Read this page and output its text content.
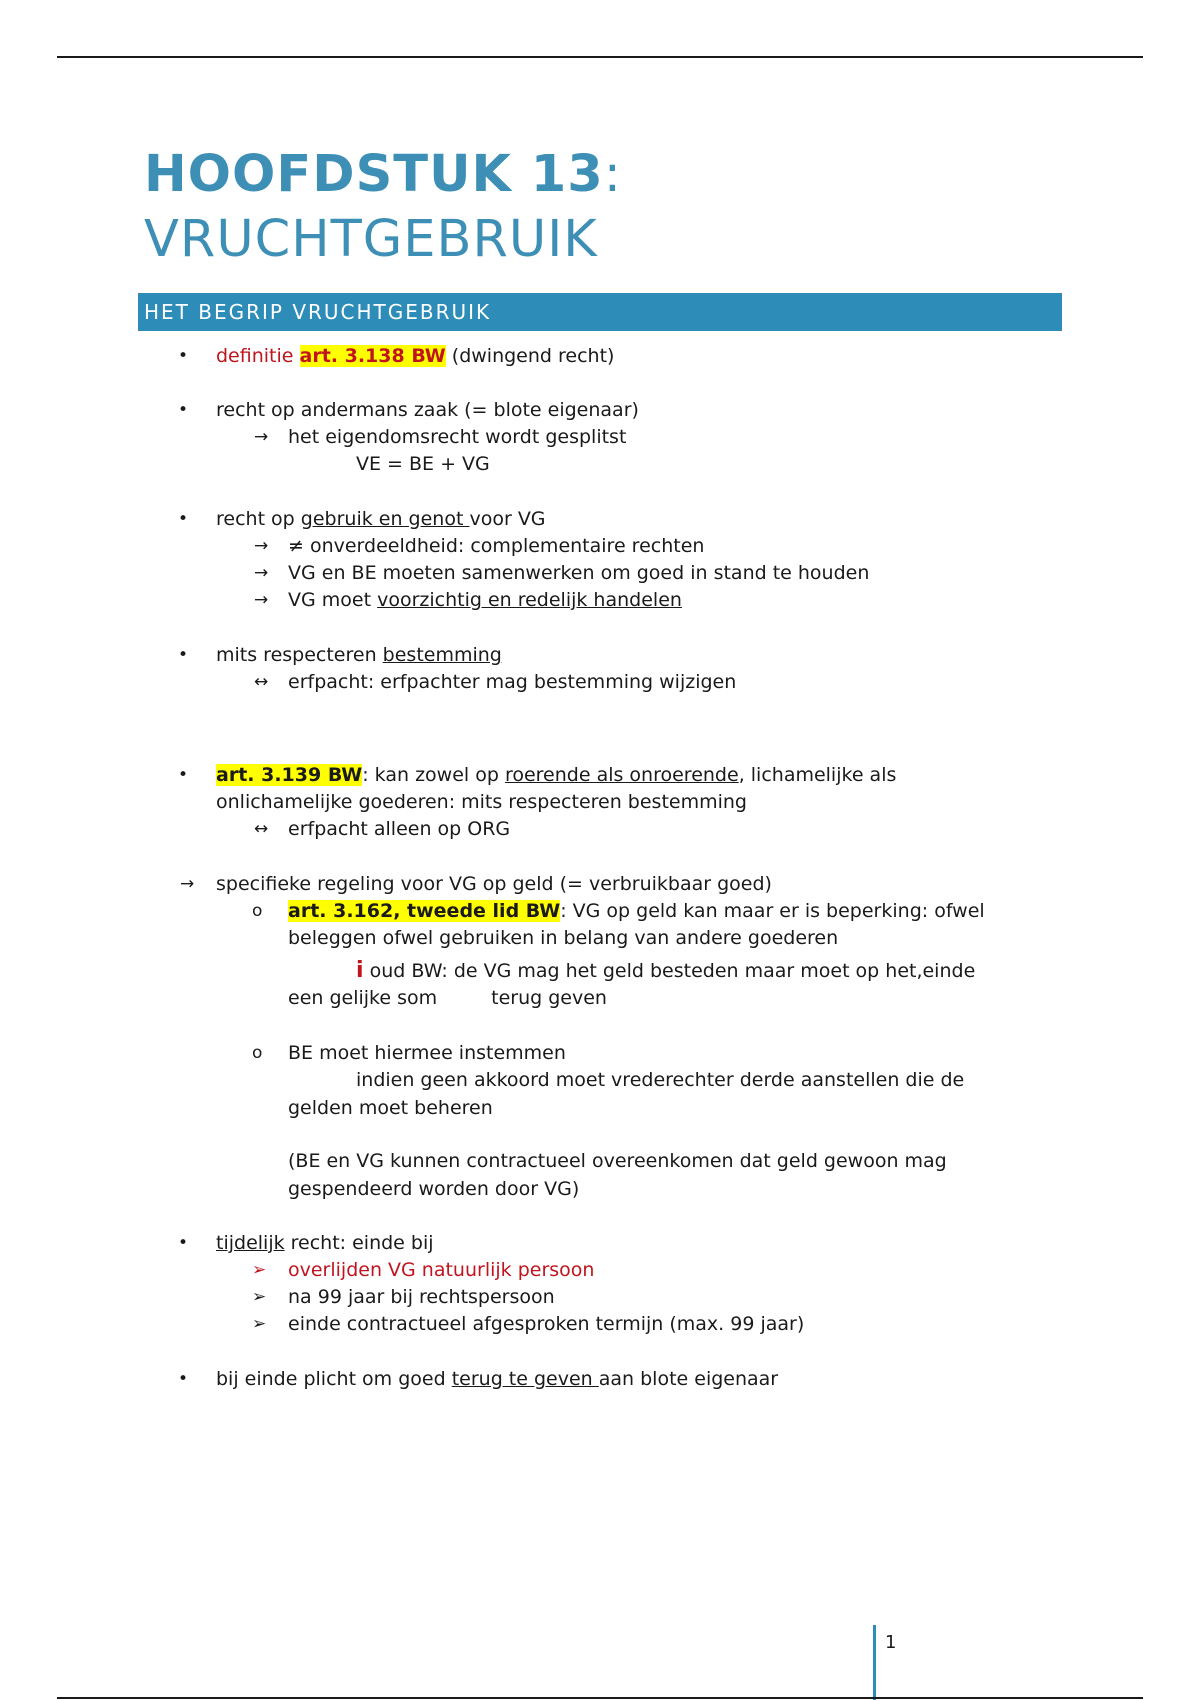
HOOFDSTUK 13:
VRUCHTGEBRUIK
HET BEGRIP VRUCHTGEBRUIK
• definitie art. 3.138 BW (dwingend recht)
• recht op andermans zaak (= blote eigenaar)
→ het eigendomsrecht wordt gesplitst
VE = BE + VG
• recht op gebruik en genot voor VG
→ ≠ onverdeeldheid: complementaire rechten
→ VG en BE moeten samenwerken om goed in stand te houden
→ VG moet voorzichtig en redelijk handelen
• mits respecteren bestemming
↔ erfpacht: erfpachter mag bestemming wijzigen
• art. 3.139 BW: kan zowel op roerende als onroerende, lichamelijke als
onlichamelijke goederen: mits respecteren bestemming
↔ erfpacht alleen op ORG
→ specifieke regeling voor VG op geld (= verbruikbaar goed)
o art. 3.162, tweede lid BW: VG op geld kan maar er is beperking: ofwel
beleggen ofwel gebruiken in belang van andere goederen
i oud BW: de VG mag het geld besteden maar moet op het,einde
een gelijke som	terug geven
o BE moet hiermee instemmen
indien geen akkoord moet vrederechter derde aanstellen die de
gelden moet beheren
(BE en VG kunnen contractueel overeenkomen dat geld gewoon mag
gespendeerd worden door VG)
• tijdelijk recht: einde bij
➢ overlijden VG natuurlijk persoon
➢ na 99 jaar bij rechtspersoon
➢ einde contractueel afgesproken termijn (max. 99 jaar)
• bij einde plicht om goed terug te geven aan blote eigenaar
1
